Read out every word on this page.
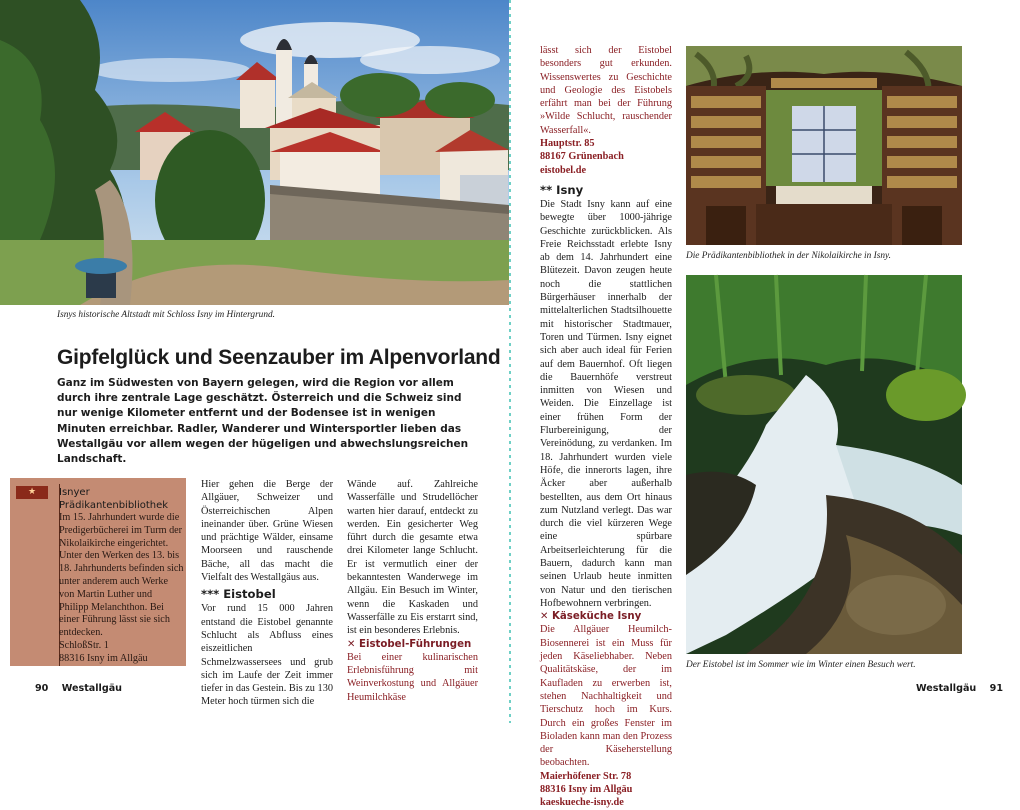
Isnys historische Altstadt mit Schloss Isny im Hintergrund.
Gipfelglück und Seenzauber im Alpenvorland

Ganz im Südwesten von Bayern gelegen, wird die Region vor allem durch ihre zentrale Lage geschätzt. Österreich und die Schweiz sind nur wenige Kilometer entfernt und der Bodensee ist in wenigen Minuten erreichbar. Radler, Wanderer und Wintersportler lieben das Westallgäu vor allem wegen der hügeligen und abwechslungsreichen Landschaft.

★	Isnyer Prädikantenbibliothek
Im 15. Jahrhundert wurde die Predigerbücherei im Turm der Nikolaikirche eingerichtet. Unter den Werken des 13. bis 18. Jahrhunderts befinden sich unter anderem auch Werke von Martin Luther und Philipp Melanchthon. Bei einer Führung lässt sie sich entdecken.
SchloßStr. 1
88316 Isny im Allgäu

Hier gehen die Berge der Allgäuer, Schweizer und Österreichischen Alpen ineinander über. Grüne Wiesen und prächtige Wälder, einsame Moorseen und rauschende Bäche, all das macht die Vielfalt des Westallgäus aus.

*** Eistobel

Vor rund 15 000 Jahren entstand die Eistobel genannte Schlucht als Abfluss eines eiszeitlichen Schmelzwassersees und grub sich im Laufe der Zeit immer tiefer in das Gestein. Bis zu 130 Meter hoch türmen sich die

Wände auf. Zahlreiche Wasserfälle und Strudellöcher warten hier darauf, entdeckt zu werden. Ein gesicherter Weg führt durch die gesamte etwa drei Kilometer lange Schlucht. Er ist vermutlich einer der bekanntesten Wanderwege im Allgäu. Ein Besuch im Winter, wenn die Kaskaden und Wasserfälle zu Eis erstarrt sind, ist ein besonderes Erlebnis.

✕ Eistobel-Führungen

Bei einer kulinarischen Erlebnisführung mit Weinverkostung und Allgäuer Heumilchkäse

90 Westallgäu

lässt sich der Eistobel besonders gut erkunden. Wissenswertes zu Geschichte und Geologie des Eistobels erfährt man bei der Führung »Wilde Schlucht, rauschender Wasserfall«.

Hauptstr. 85
88167 Grünenbach
eistobel.de
** Isny

Die Stadt Isny kann auf eine bewegte über 1000-jährige Geschichte zurückblicken. Als Freie Reichsstadt erlebte Isny ab dem 14. Jahrhundert eine Blütezeit. Davon zeugen heute noch die stattlichen Bürgerhäuser innerhalb der mittelalterlichen Stadtsilhouette mit historischer Stadtmauer, Toren und Türmen. Isny eignet sich aber auch ideal für Ferien auf dem Bauernhof. Oft liegen die Bauernhöfe verstreut inmitten von Wiesen und Weiden. Die Einzellage ist einer frühen Form der Flurbereinigung, der Vereinödung, zu verdanken. Im 18. Jahrhundert wurden viele Höfe, die innerorts lagen, ihre Äcker aber außerhalb bestellten, aus dem Ort hinaus zum Nutzland verlegt. Das war durch die viel kürzeren Wege eine spürbare Arbeitserleichterung für die Bauern, dadurch kann man seinen Urlaub heute inmitten von Natur und den tierischen Hofbewohnern verbringen.

✕ Käseküche Isny

Die Allgäuer Heumilch-Biosennerei ist ein Muss für jeden Käseliebhaber. Neben Qualitätskäse, der im Kaufladen zu erwerben ist, stehen Nachhaltigkeit und Tierschutz hoch im Kurs. Durch ein großes Fenster im Bioladen kann man den Prozess der Käseherstellung beobachten.

Maierhöfener Str. 78
88316 Isny im Allgäu
kaeskueche-isny.de
Die Prädikantenbibliothek in der Nikolaikirche in Isny.
Der Eistobel ist im Sommer wie im Winter einen Besuch wert.
Westallgäu 91
